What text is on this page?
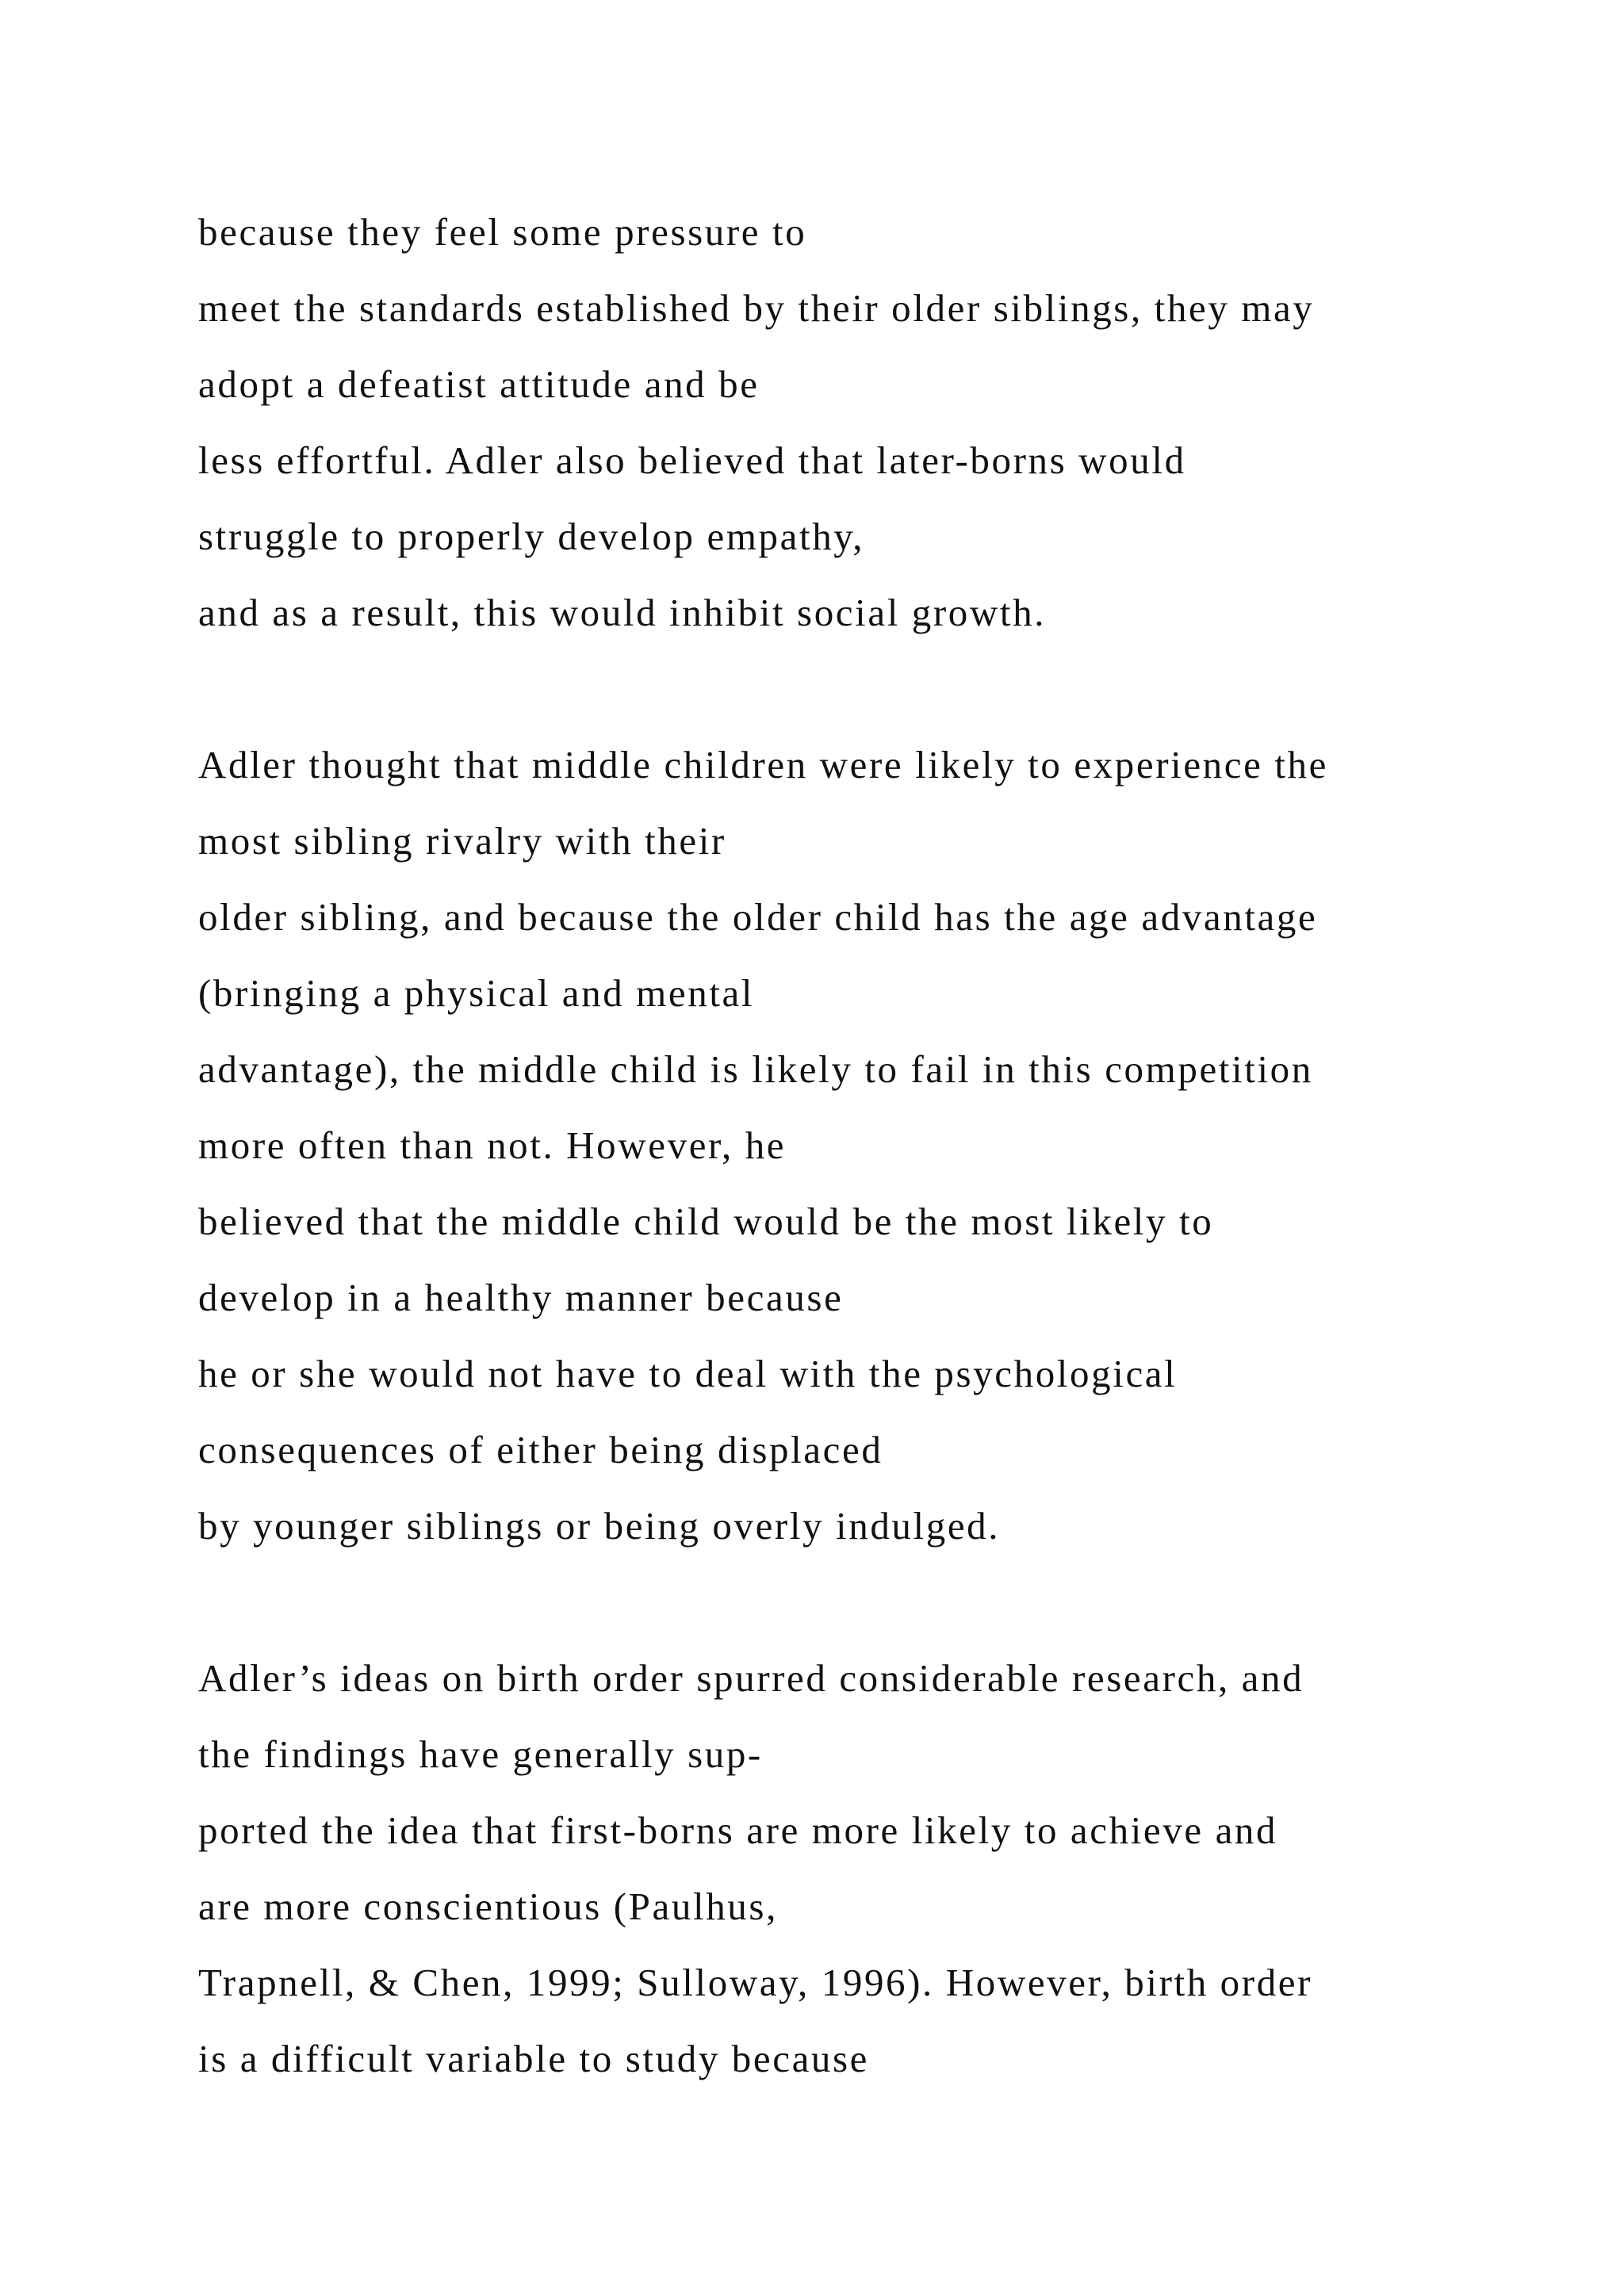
because they feel some pressure to
meet the standards established by their older siblings, they may
adopt a defeatist attitude and be
less effortful. Adler also believed that later-borns would
struggle to properly develop empathy,
and as a result, this would inhibit social growth.
Adler thought that middle children were likely to experience the
most sibling rivalry with their
older sibling, and because the older child has the age advantage
(bringing a physical and mental
advantage), the middle child is likely to fail in this competition
more often than not. However, he
believed that the middle child would be the most likely to
develop in a healthy manner because
he or she would not have to deal with the psychological
consequences of either being displaced
by younger siblings or being overly indulged.
Adler’s ideas on birth order spurred considerable research, and
the findings have generally sup-
ported the idea that first-borns are more likely to achieve and
are more conscientious (Paulhus,
Trapnell, & Chen, 1999; Sulloway, 1996). However, birth order
is a difficult variable to study because
